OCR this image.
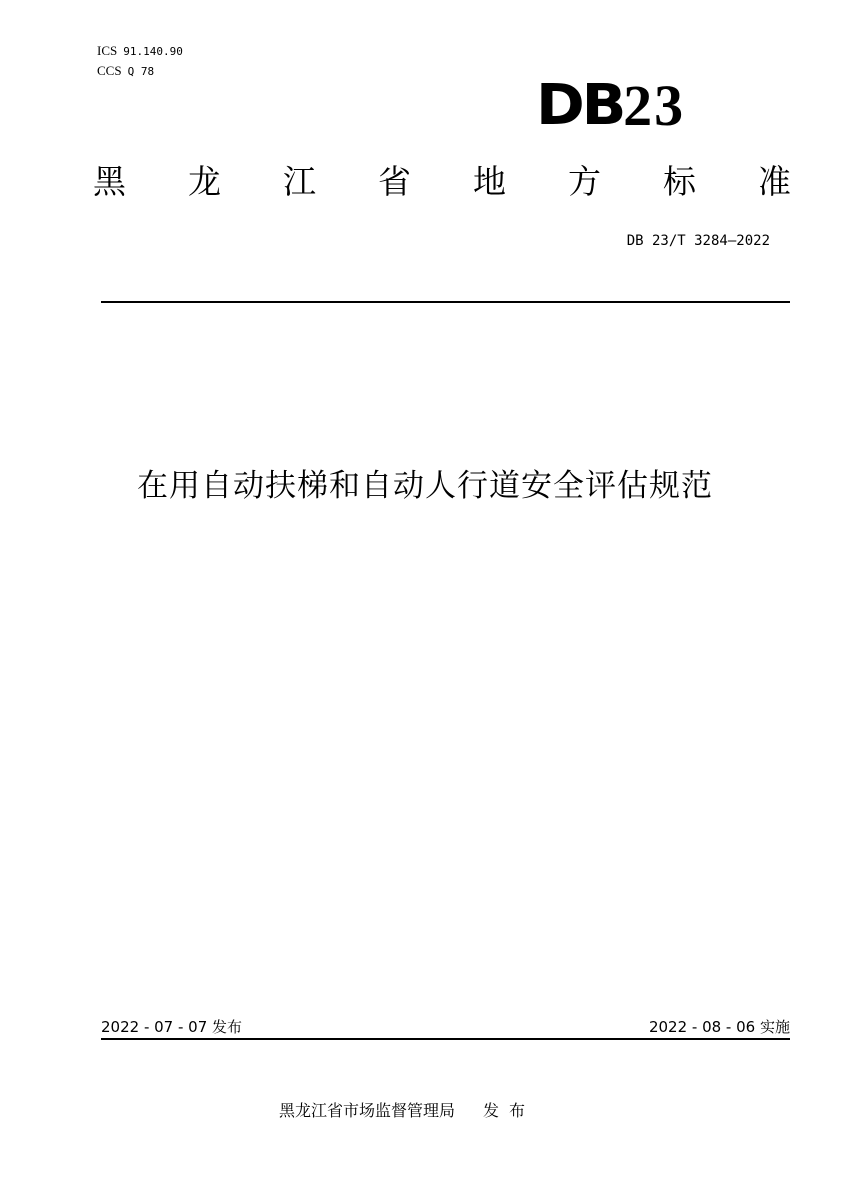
ICS 91.140.90
CCS Q 78
DB 23
黑 龙 江 省 地 方 标 准
DB 23/T 3284—2022
在用自动扶梯和自动人行道安全评估规范
2022 - 07 - 07 发布	2022 - 08 - 06 实施
黑龙江省市场监督管理局 发布
